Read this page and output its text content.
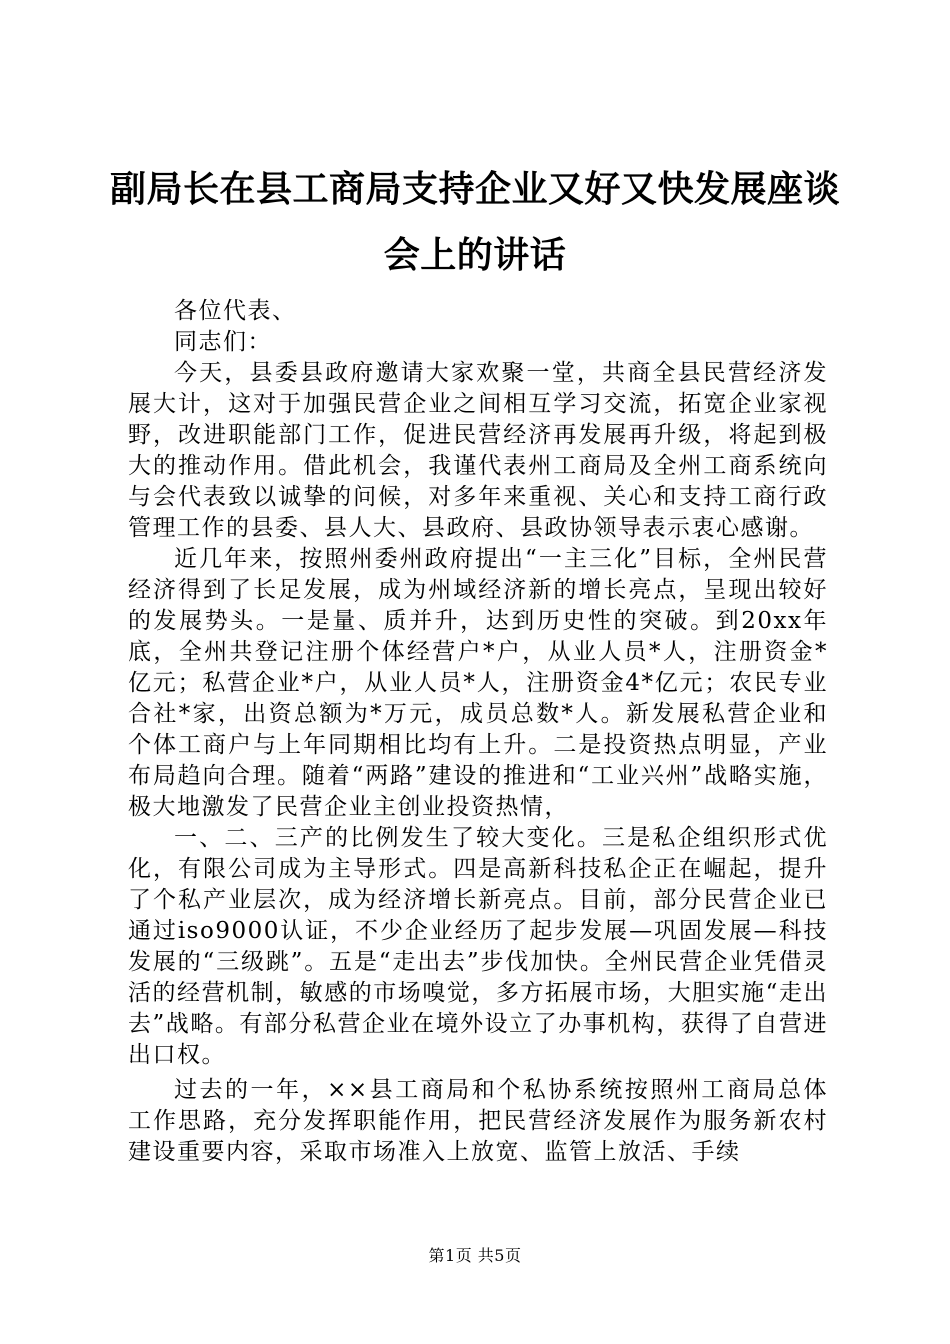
副局长在县工商局支持企业又好又快发展座谈会上的讲话

各位代表、

同志们：

今天，县委县政府邀请大家欢聚一堂，共商全县民营经济发展大计，这对于加强民营企业之间相互学习交流，拓宽企业家视野，改进职能部门工作，促进民营经济再发展再升级，将起到极大的推动作用。借此机会，我谨代表州工商局及全州工商系统向与会代表致以诚挚的问候，对多年来重视、关心和支持工商行政管理工作的县委、县人大、县政府、县政协领导表示衷心感谢。

近几年来，按照州委州政府提出“一主三化”目标，全州民营经济得到了长足发展，成为州域经济新的增长亮点，呈现出较好的发展势头。一是量、质并升，达到历史性的突破。到20xx年底，全州共登记注册个体经营户*户，从业人员*人，注册资金*亿元；私营企业*户，从业人员*人，注册资金4*亿元；农民专业合社*家，出资总额为*万元，成员总数*人。新发展私营企业和个体工商户与上年同期相比均有上升。二是投资热点明显，产业布局趋向合理。随着“两路”建设的推进和“工业兴州”战略实施，极大地激发了民营企业主创业投资热情，

一、二、三产的比例发生了较大变化。三是私企组织形式优化，有限公司成为主导形式。四是高新科技私企正在崛起，提升了个私产业层次，成为经济增长新亮点。目前，部分民营企业已通过iso9000认证，不少企业经历了起步发展—巩固发展—科技发展的“三级跳”。五是“走出去”步伐加快。全州民营企业凭借灵活的经营机制，敏感的市场嗅觉，多方拓展市场，大胆实施“走出去”战略。有部分私营企业在境外设立了办事机构，获得了自营进出口权。

过去的一年，××县工商局和个私协系统按照州工商局总体工作思路，充分发挥职能作用，把民营经济发展作为服务新农村建设重要内容，采取市场准入上放宽、监管上放活、手续

第1页 共5页
